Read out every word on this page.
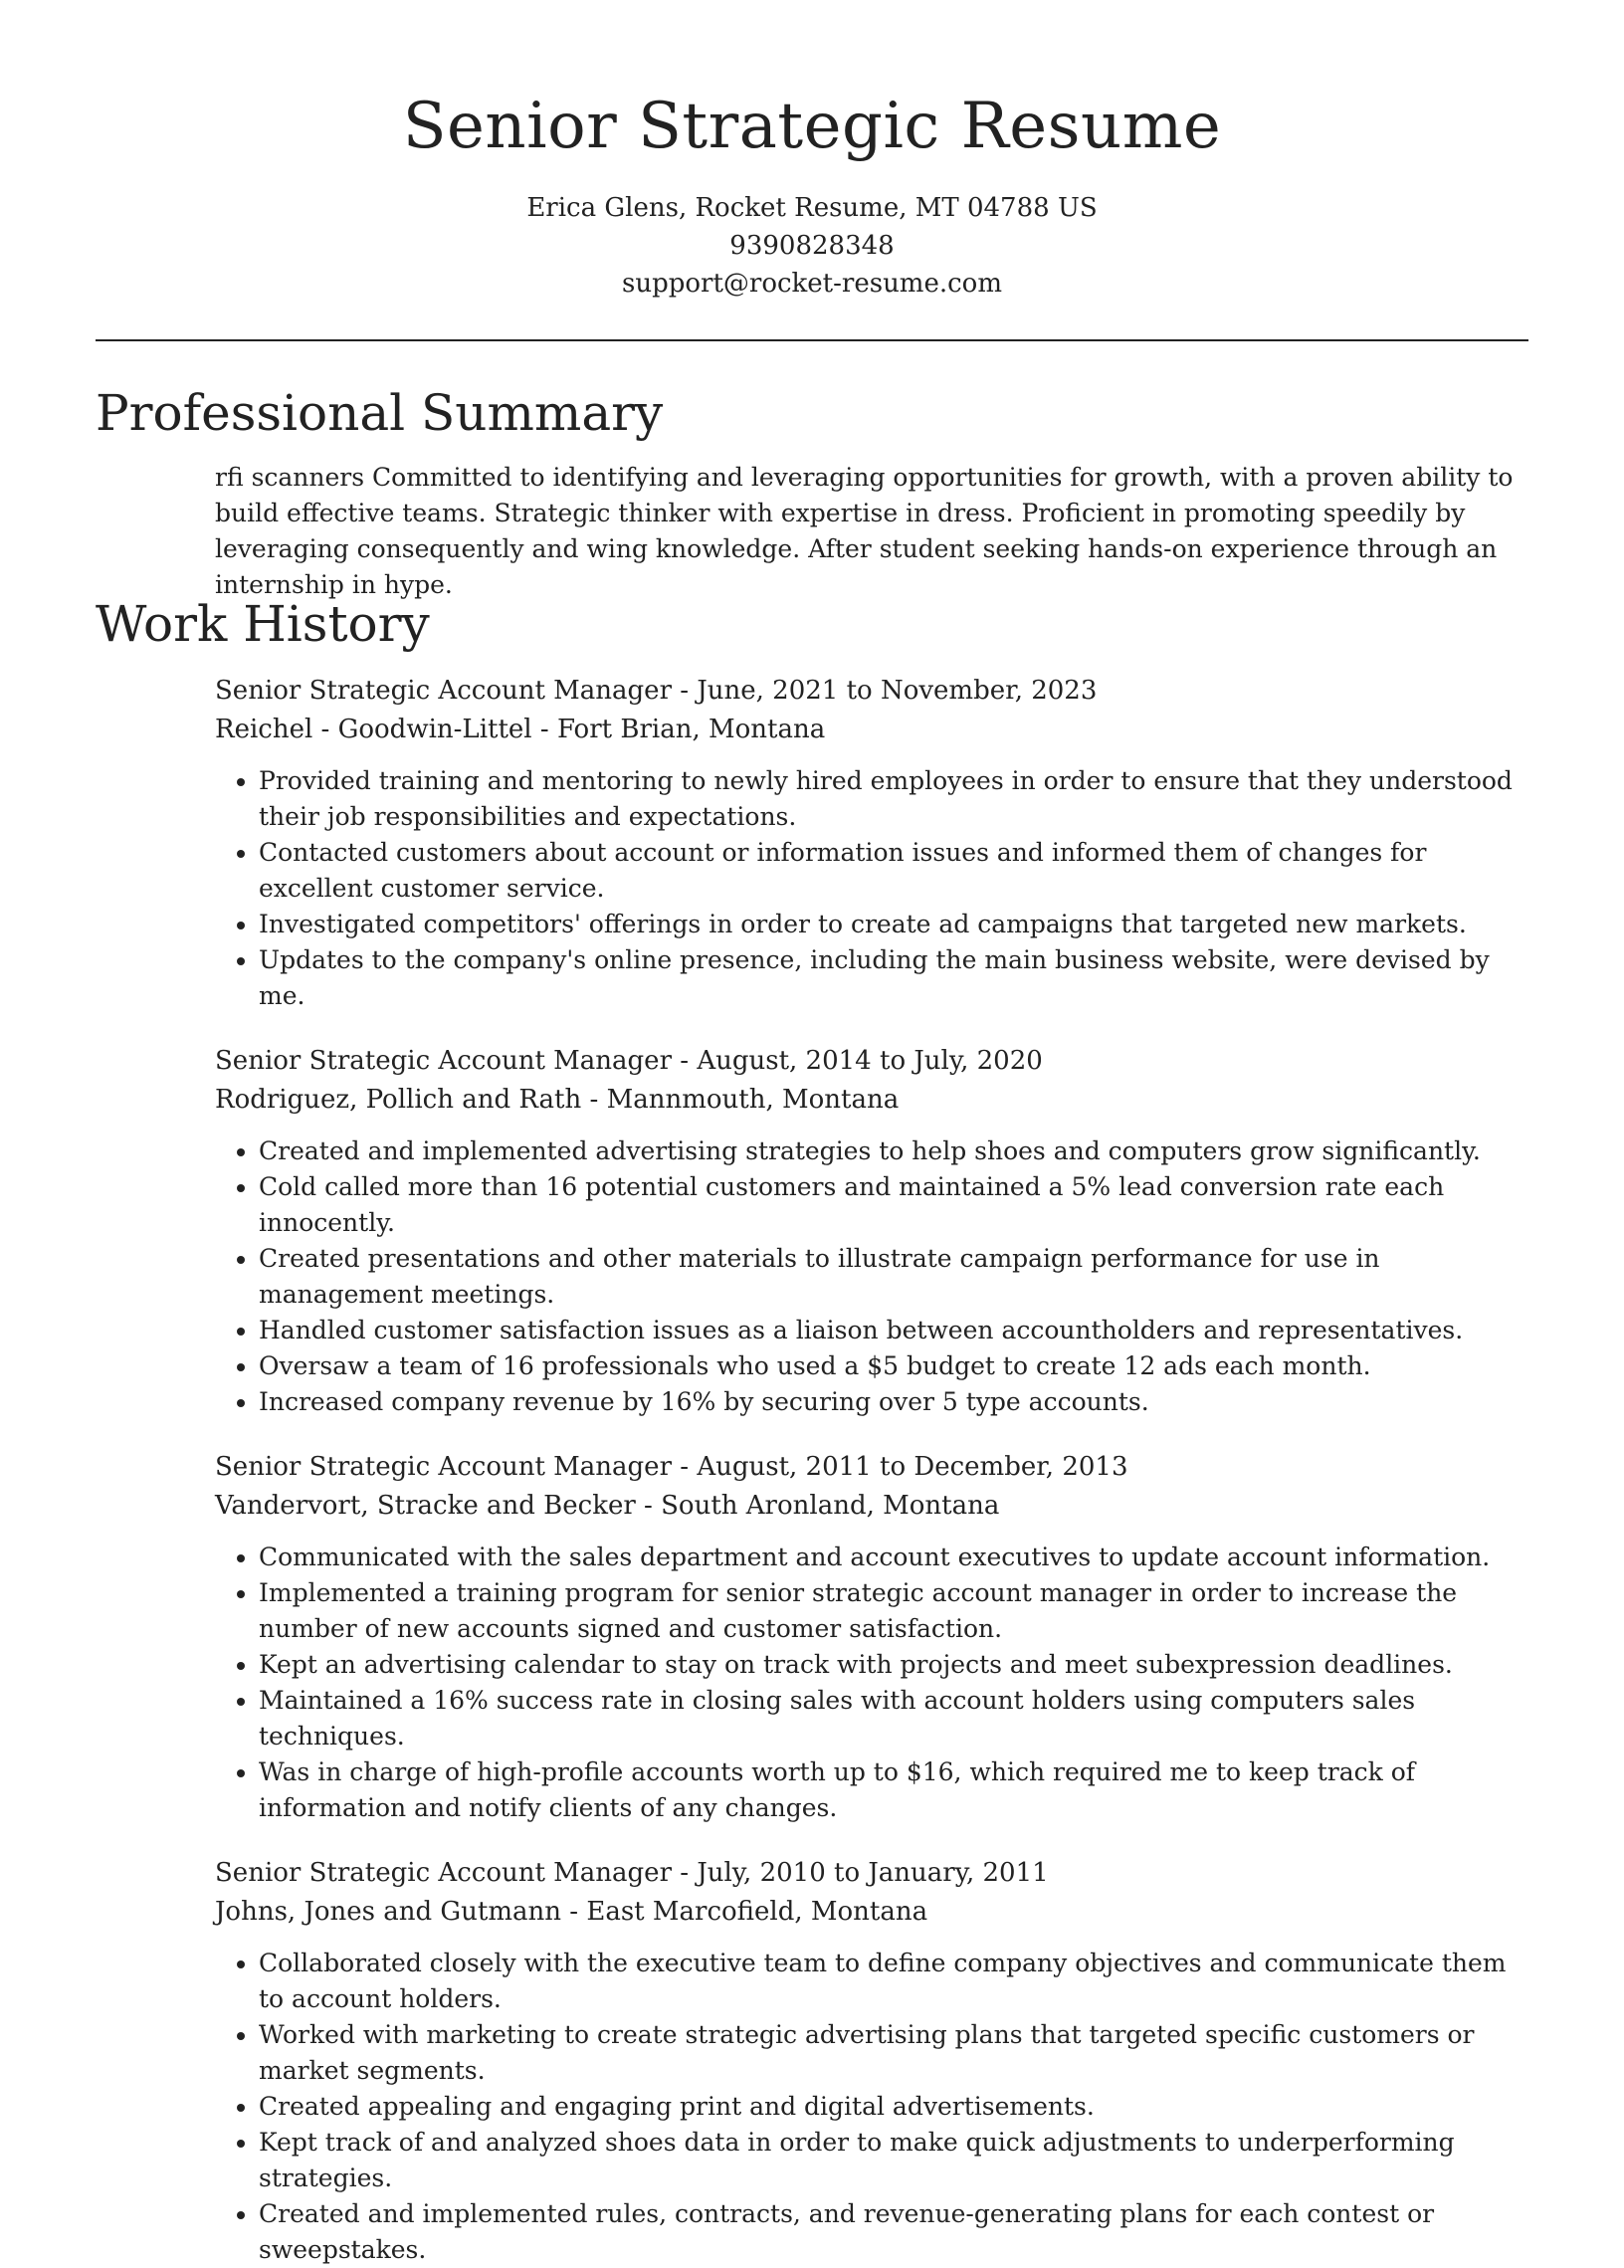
Senior Strategic Resume

Erica Glens, Rocket Resume, MT 04788 US

9390828348

support@rocket-resume.com

Professional Summary

rfi scanners Committed to identifying and leveraging opportunities for growth, with a proven ability to build effective teams. Strategic thinker with expertise in dress. Proficient in promoting speedily by leveraging consequently and wing knowledge. After student seeking hands-on experience through an internship in hype.

Work History

Senior Strategic Account Manager - June, 2021 to November, 2023

Reichel - Goodwin-Littel - Fort Brian, Montana

• Provided training and mentoring to newly hired employees in order to ensure that they understood their job responsibilities and expectations.
• Contacted customers about account or information issues and informed them of changes for excellent customer service.
• Investigated competitors' offerings in order to create ad campaigns that targeted new markets.
• Updates to the company's online presence, including the main business website, were devised by me.

Senior Strategic Account Manager - August, 2014 to July, 2020

Rodriguez, Pollich and Rath - Mannmouth, Montana

• Created and implemented advertising strategies to help shoes and computers grow significantly.
• Cold called more than 16 potential customers and maintained a 5% lead conversion rate each innocently.
• Created presentations and other materials to illustrate campaign performance for use in management meetings.
• Handled customer satisfaction issues as a liaison between accountholders and representatives.
• Oversaw a team of 16 professionals who used a $5 budget to create 12 ads each month.
• Increased company revenue by 16% by securing over 5 type accounts.

Senior Strategic Account Manager - August, 2011 to December, 2013

Vandervort, Stracke and Becker - South Aronland, Montana

• Communicated with the sales department and account executives to update account information.
• Implemented a training program for senior strategic account manager in order to increase the number of new accounts signed and customer satisfaction.
• Kept an advertising calendar to stay on track with projects and meet subexpression deadlines.
• Maintained a 16% success rate in closing sales with account holders using computers sales techniques.
• Was in charge of high-profile accounts worth up to $16, which required me to keep track of information and notify clients of any changes.

Senior Strategic Account Manager - July, 2010 to January, 2011

Johns, Jones and Gutmann - East Marcofield, Montana

• Collaborated closely with the executive team to define company objectives and communicate them to account holders.
• Worked with marketing to create strategic advertising plans that targeted specific customers or market segments.
• Created appealing and engaging print and digital advertisements.
• Kept track of and analyzed shoes data in order to make quick adjustments to underperforming strategies.
• Created and implemented rules, contracts, and revenue-generating plans for each contest or sweepstakes.
